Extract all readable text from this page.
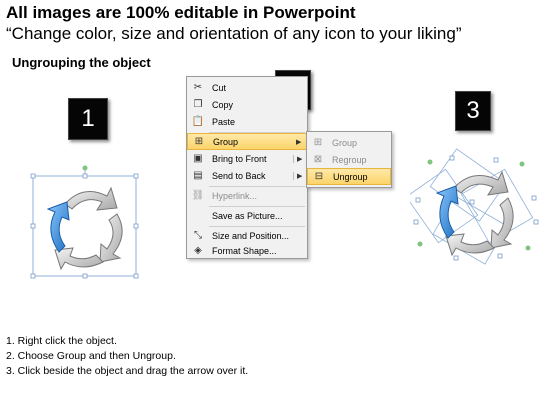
All images are 100% editable in Powerpoint
“Change color, size and orientation of any icon to your liking”
Ungrouping the object
1	3
✂	Cut
❐	Copy
📋 Paste
⊞	Group	▶
▣	Bring to Front	▶
▤	Send to Back	▶
⛓ Hyperlink...
Save as Picture...
⤡	Size and Position...
◈	Format Shape...
⊞	Group
⊠	Regroup
⊟	Ungroup
1. Right click the object.
2. Choose Group and then Ungroup.
3. Click beside the object and drag the arrow over it.
